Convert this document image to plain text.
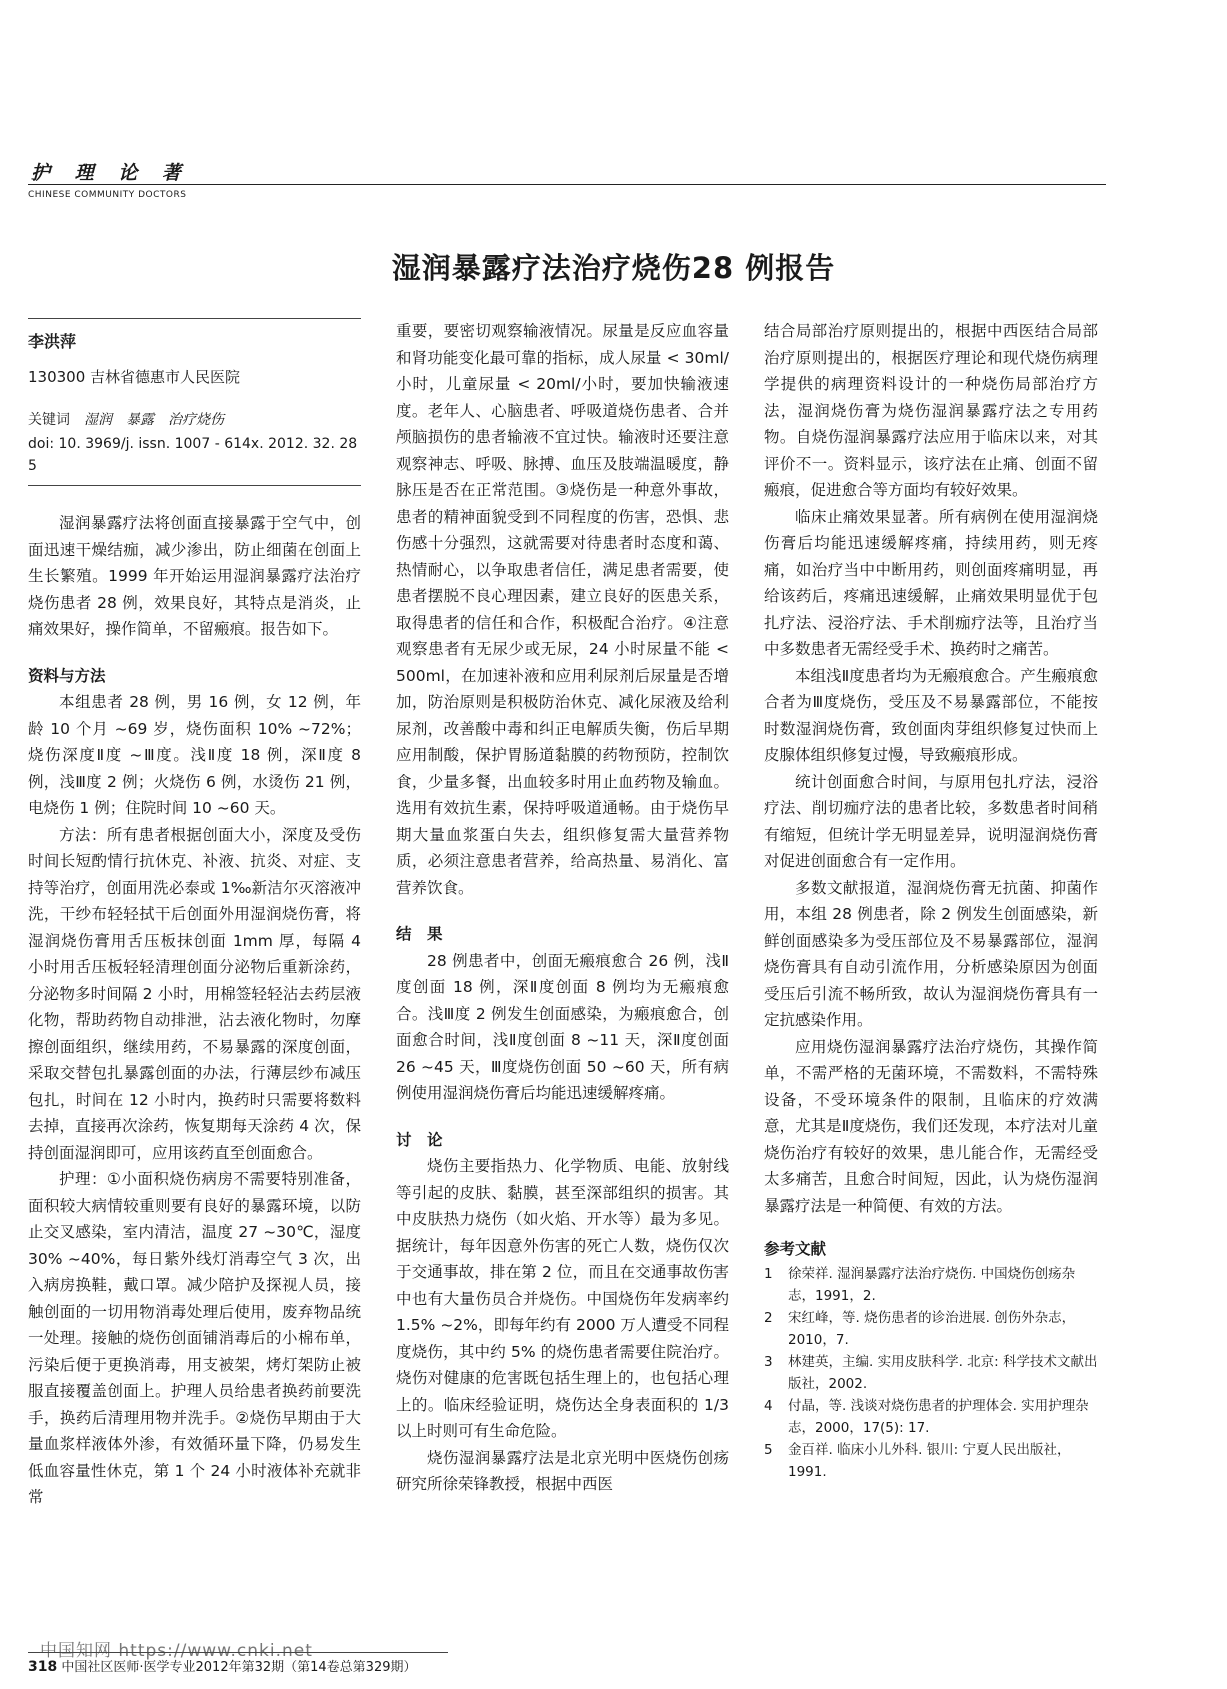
护 理 论 著
CHINESE COMMUNITY DOCTORS
湿润暴露疗法治疗烧伤28 例报告
李洪萍
130300 吉林省德惠市人民医院
关键词 湿润　暴露　治疗烧伤
doi: 10. 3969/j. issn. 1007 - 614x. 2012. 32. 285

湿润暴露疗法将创面直接暴露于空气中，创面迅速干燥结痂，减少渗出，防止细菌在创面上生长繁殖。1999 年开始运用湿润暴露疗法治疗烧伤患者 28 例，效果良好，其特点是消炎，止痛效果好，操作简单，不留瘢痕。报告如下。

资料与方法

本组患者 28 例，男 16 例，女 12 例，年龄 10 个月 ~69 岁，烧伤面积 10% ~72%；烧伤深度Ⅱ度 ~Ⅲ度。浅Ⅱ度 18 例，深Ⅱ度 8 例，浅Ⅲ度 2 例；火烧伤 6 例，水烫伤 21 例，电烧伤 1 例；住院时间 10 ~60 天。

方法：所有患者根据创面大小，深度及受伤时间长短酌情行抗休克、补液、抗炎、对症、支持等治疗，创面用洗必泰或 1‰新洁尔灭溶液冲洗，干纱布轻轻拭干后创面外用湿润烧伤膏，将湿润烧伤膏用舌压板抹创面 1mm 厚，每隔 4 小时用舌压板轻轻清理创面分泌物后重新涂药，分泌物多时间隔 2 小时，用棉签轻轻沾去药层液化物，帮助药物自动排泄，沾去液化物时，勿摩擦创面组织，继续用药，不易暴露的深度创面，采取交替包扎暴露创面的办法，行薄层纱布减压包扎，时间在 12 小时内，换药时只需要将数料去掉，直接再次涂药，恢复期每天涂药 4 次，保持创面湿润即可，应用该药直至创面愈合。

护理：①小面积烧伤病房不需要特别准备，面积较大病情较重则要有良好的暴露环境，以防止交叉感染，室内清洁，温度 27 ~30℃，湿度 30% ~40%，每日紫外线灯消毒空气 3 次，出入病房换鞋，戴口罩。减少陪护及探视人员，接触创面的一切用物消毒处理后使用，废弃物品统一处理。接触的烧伤创面铺消毒后的小棉布单，污染后便于更换消毒，用支被架，烤灯架防止被服直接覆盖创面上。护理人员给患者换药前要洗手，换药后清理用物并洗手。②烧伤早期由于大量血浆样液体外渗，有效循环量下降，仍易发生低血容量性休克，第 1 个 24 小时液体补充就非常

重要，要密切观察输液情况。尿量是反应血容量和肾功能变化最可靠的指标，成人尿量 < 30ml/小时，儿童尿量 < 20ml/小时，要加快输液速度。老年人、心脑患者、呼吸道烧伤患者、合并颅脑损伤的患者输液不宜过快。输液时还要注意观察神志、呼吸、脉搏、血压及肢端温暖度，静脉压是否在正常范围。③烧伤是一种意外事故，患者的精神面貌受到不同程度的伤害，恐惧、悲伤感十分强烈，这就需要对待患者时态度和蔼、热情耐心，以争取患者信任，满足患者需要，使患者摆脱不良心理因素，建立良好的医患关系，取得患者的信任和合作，积极配合治疗。④注意观察患者有无尿少或无尿，24 小时尿量不能 < 500ml，在加速补液和应用利尿剂后尿量是否增加，防治原则是积极防治休克、减化尿液及给利尿剂，改善酸中毒和纠正电解质失衡，伤后早期应用制酸，保护胃肠道黏膜的药物预防，控制饮食，少量多餐，出血较多时用止血药物及输血。选用有效抗生素，保持呼吸道通畅。由于烧伤早期大量血浆蛋白失去，组织修复需大量营养物质，必须注意患者营养，给高热量、易消化、富营养饮食。

结　果

28 例患者中，创面无瘢痕愈合 26 例，浅Ⅱ度创面 18 例，深Ⅱ度创面 8 例均为无瘢痕愈合。浅Ⅲ度 2 例发生创面感染，为瘢痕愈合，创面愈合时间，浅Ⅱ度创面 8 ~11 天，深Ⅱ度创面 26 ~45 天，Ⅲ度烧伤创面 50 ~60 天，所有病例使用湿润烧伤膏后均能迅速缓解疼痛。

讨　论

烧伤主要指热力、化学物质、电能、放射线等引起的皮肤、黏膜，甚至深部组织的损害。其中皮肤热力烧伤（如火焰、开水等）最为多见。据统计，每年因意外伤害的死亡人数，烧伤仅次于交通事故，排在第 2 位，而且在交通事故伤害中也有大量伤员合并烧伤。中国烧伤年发病率约 1.5% ~2%，即每年约有 2000 万人遭受不同程度烧伤，其中约 5% 的烧伤患者需要住院治疗。烧伤对健康的危害既包括生理上的，也包括心理上的。临床经验证明，烧伤达全身表面积的 1/3 以上时则可有生命危险。

烧伤湿润暴露疗法是北京光明中医烧伤创疡研究所徐荣锋教授，根据中西医

结合局部治疗原则提出的，根据中西医结合局部治疗原则提出的，根据医疗理论和现代烧伤病理学提供的病理资料设计的一种烧伤局部治疗方法，湿润烧伤膏为烧伤湿润暴露疗法之专用药物。自烧伤湿润暴露疗法应用于临床以来，对其评价不一。资料显示，该疗法在止痛、创面不留瘢痕，促进愈合等方面均有较好效果。

临床止痛效果显著。所有病例在使用湿润烧伤膏后均能迅速缓解疼痛，持续用药，则无疼痛，如治疗当中中断用药，则创面疼痛明显，再给该药后，疼痛迅速缓解，止痛效果明显优于包扎疗法、浸浴疗法、手术削痂疗法等，且治疗当中多数患者无需经受手术、换药时之痛苦。

本组浅Ⅱ度患者均为无瘢痕愈合。产生瘢痕愈合者为Ⅲ度烧伤，受压及不易暴露部位，不能按时数湿润烧伤膏，致创面肉芽组织修复过快而上皮腺体组织修复过慢，导致瘢痕形成。

统计创面愈合时间，与原用包扎疗法，浸浴疗法、削切痂疗法的患者比较，多数患者时间稍有缩短，但统计学无明显差异，说明湿润烧伤膏对促进创面愈合有一定作用。

多数文献报道，湿润烧伤膏无抗菌、抑菌作用，本组 28 例患者，除 2 例发生创面感染，新鲜创面感染多为受压部位及不易暴露部位，湿润烧伤膏具有自动引流作用，分析感染原因为创面受压后引流不畅所致，故认为湿润烧伤膏具有一定抗感染作用。

应用烧伤湿润暴露疗法治疗烧伤，其操作简单，不需严格的无菌环境，不需数料，不需特殊设备，不受环境条件的限制，且临床的疗效满意，尤其是Ⅱ度烧伤，我们还发现，本疗法对儿童烧伤治疗有较好的效果，患儿能合作，无需经受太多痛苦，且愈合时间短，因此，认为烧伤湿润暴露疗法是一种简便、有效的方法。

参考文献

1 徐荣祥. 湿润暴露疗法治疗烧伤. 中国烧伤创疡杂志，1991，2.

2 宋红峰，等. 烧伤患者的诊治进展. 创伤外杂志，2010，7.

3 林建英，主编. 实用皮肤科学. 北京: 科学技术文献出版社，2002.

4 付晶，等. 浅谈对烧伤患者的护理体会. 实用护理杂志，2000，17(5): 17.

5 金百祥. 临床小儿外科. 银川: 宁夏人民出版社，1991.

中国知网 https://www.cnki.net
318 中国社区医师·医学专业2012年第32期（第14卷总第329期）
